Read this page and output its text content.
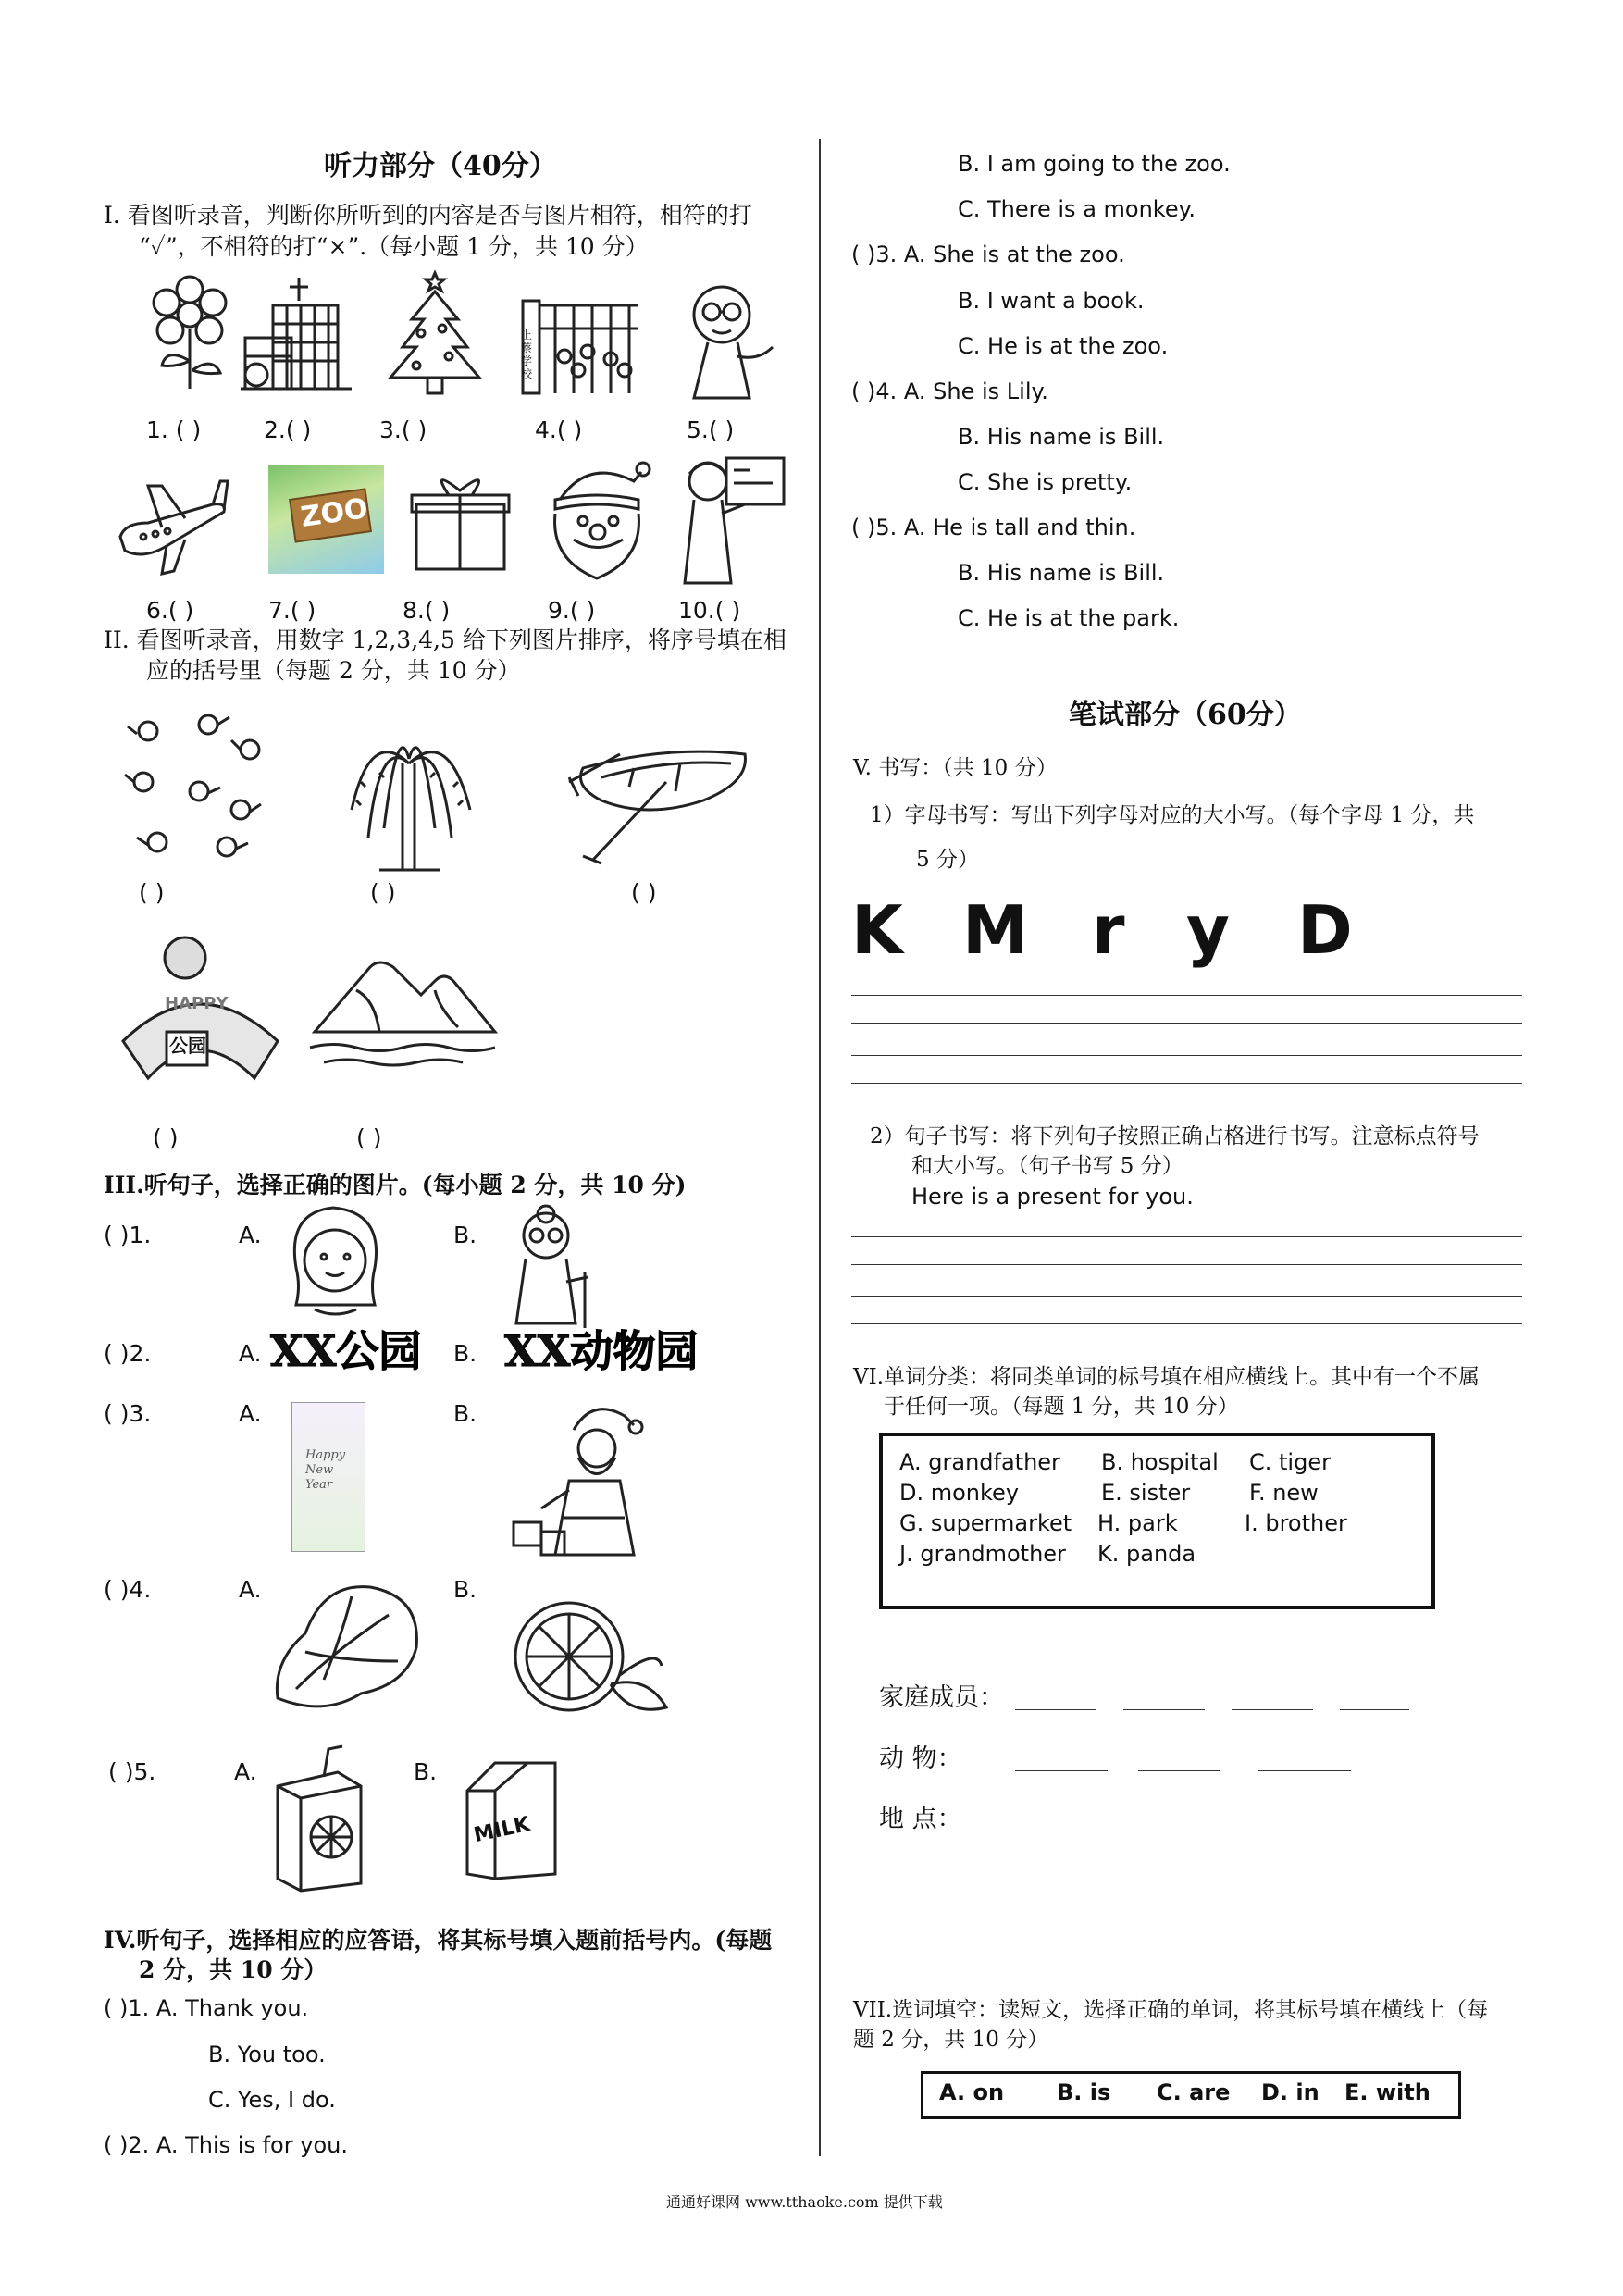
听力部分（40分）
I. 看图听录音，判断你所听到的内容是否与图片相符，相符的打
“✓”，不相符的打“×”.（每小题 1 分，共 10 分）
上蔡学校
1. ( )	2.( )	3.( )	4.( )	5.( )
ZOO
6.( )	7.( )	8.( )	9.( )	10.( )
II. 看图听录音，用数字 1,2,3,4,5 给下列图片排序，将序号填在相
应的括号里（每题 2 分，共 10 分）
( )	( )	( )
HAPPY
公园
( )	( )
III.听句子，选择正确的图片。(每小题 2 分，共 10 分)
( )1.	A.	B.
( )2.	A. XX公园 B. XX动物园
( )3.	A.
Happy New Year
B.
( )4.	A.	B.
( )5.	A.	B.
MILK
IV.听句子，选择相应的应答语，将其标号填入题前括号内。(每题
2 分，共 10 分）
( )1. A. Thank you.
B. You too.
C. Yes, I do.
( )2. A. This is for you.
B. I am going to the zoo.
C. There is a monkey.
( )3. A. She is at the zoo.
B. I want a book.
C. He is at the zoo.
( )4. A. She is Lily.
B. His name is Bill.
C. She is pretty.
( )5. A. He is tall and thin.
B. His name is Bill.
C. He is at the park.
笔试部分（60分）
V. 书写：（共 10 分）
1）字母书写：写出下列字母对应的大小写。（每个字母 1 分，共
5 分）
K M r y D
2）句子书写：将下列句子按照正确占格进行书写。注意标点符号
和大小写。（句子书写 5 分）
Here is a present for you.
VI.单词分类：将同类单词的标号填在相应横线上。其中有一个不属
于任何一项。（每题 1 分，共 10 分）
A. grandfather B. hospital C. tiger
D. monkey	E. sister	F. new
G. supermarket H. park	I. brother
J. grandmother K. panda
家庭成员：
动 物：
地 点：
VII.选词填空：读短文，选择正确的单词，将其标号填在横线上（每
题 2 分，共 10 分）
A. on B. is C. are D. in E. with
通通好课网 www.tthaoke.com 提供下载
